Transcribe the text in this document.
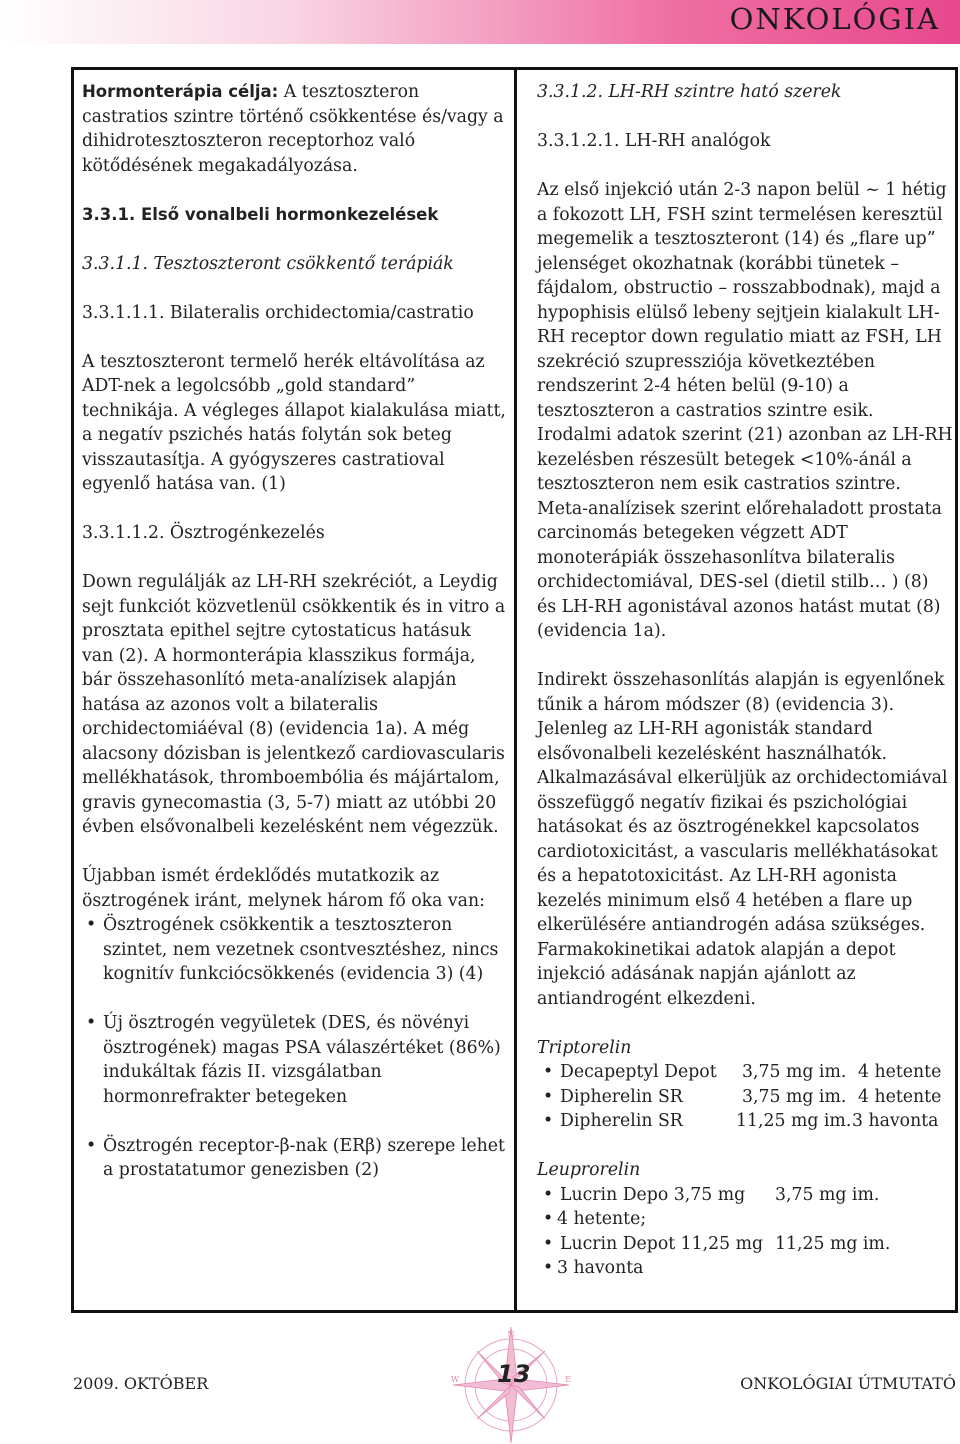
ONKOLÓGIA

Hormonterápia célja: A tesztoszteron castratios szintre történő csökkentése és/vagy a dihidrotesztoszteron receptorhoz való kötődésének megakadályozása.

3.3.1. Első vonalbeli hormonkezelések

3.3.1.1. Tesztoszteront csökkentő terápiák

3.3.1.1.1. Bilateralis orchidectomia/castratio

A tesztoszteront termelő herék eltávolítása az ADT-nek a legolcsóbb „gold standard” technikája. A végleges állapot kialakulása miatt, a negatív pszichés hatás folytán sok beteg visszautasítja. A gyógyszeres castratioval egyenlő hatása van. (1)

3.3.1.1.2. Ösztrogénkezelés

Down regulálják az LH-RH szekréciót, a Leydig sejt funkciót közvetlenül csökkentik és in vitro a prosztata epithel sejtre cytostaticus hatásuk van (2). A hormonterápia klasszikus formája, bár összehasonlító meta-analízisek alapján hatása az azonos volt a bilateralis orchidectomiáéval (8) (evidencia 1a). A még alacsony dózisban is jelentkező cardiovascularis mellékhatások, thromboembólia és májártalom, gravis gynecomastia (3, 5-7) miatt az utóbbi 20 évben elsővonalbeli kezelésként nem végezzük.

Újabban ismét érdeklődés mutatkozik az ösztrogének iránt, melynek három fő oka van:

• Ösztrogének csökkentik a tesztoszteron szintet, nem vezetnek csontvesztéshez, nincs kognitív funkciócsökkenés (evidencia 3) (4)
• Új ösztrogén vegyületek (DES, és növényi ösztrogének) magas PSA válaszértéket (86%) indukáltak fázis II. vizsgálatban hormonrefrakter betegeken
• Ösztrogén receptor-β-nak (ERβ) szerepe lehet a prostatatumor genezisben (2)

3.3.1.2. LH-RH szintre ható szerek

3.3.1.2.1. LH-RH analógok

Az első injekció után 2-3 napon belül ~ 1 hétig a fokozott LH, FSH szint termelésen keresztül megemelik a tesztoszteront (14) és „flare up” jelenséget okozhatnak (korábbi tünetek – fájdalom, obstructio – rosszabbodnak), majd a hypophisis elülső lebeny sejtjein kialakult LH-RH receptor down regulatio miatt az FSH, LH szekréció szupressziója következtében rendszerint 2-4 héten belül (9-10) a tesztoszteron a castratios szintre esik. Irodalmi adatok szerint (21) azonban az LH-RH kezelésben részesült betegek <10%-ánál a tesztoszteron nem esik castratios szintre. Meta-analízisek szerint előrehaladott prostata carcinomás betegeken végzett ADT monoterápiák összehasonlítva bilateralis orchidectomiával, DES-sel (dietil stilb… ) (8) és LH-RH agonistával azonos hatást mutat (8) (evidencia 1a).

Indirekt összehasonlítás alapján is egyenlőnek tűnik a három módszer (8) (evidencia 3). Jelenleg az LH-RH agonisták standard elsővonalbeli kezelésként használhatók. Alkalmazásával elkerüljük az orchidectomiával összefüggő negatív fizikai és pszichológiai hatásokat és az ösztrogénekkel kapcsolatos cardiotoxicitást, a vascularis mellékhatásokat és a hepatotoxicitást. Az LH-RH agonista kezelés minimum első 4 hetében a flare up elkerülésére antiandrogén adása szükséges. Farmakokinetikai adatok alapján a depot injekció adásának napján ajánlott az antiandrogént elkezdeni.

Triptorelin
• Decapeptyl Depot 3,75 mg im. 4 hetente
• Dipherelin SR	3,75 mg im. 4 hetente
• Dipherelin SR	11,25 mg im.3 havonta
Leuprorelin
• Lucrin Depo 3,75 mg 3,75 mg im.
• 4 hetente;
• Lucrin Depot 11,25 mg 11,25 mg im.
• 3 havonta
2009. OKTÓBER
N
E
W 13	ONKOLÓGIAI ÚTMUTATÓ
